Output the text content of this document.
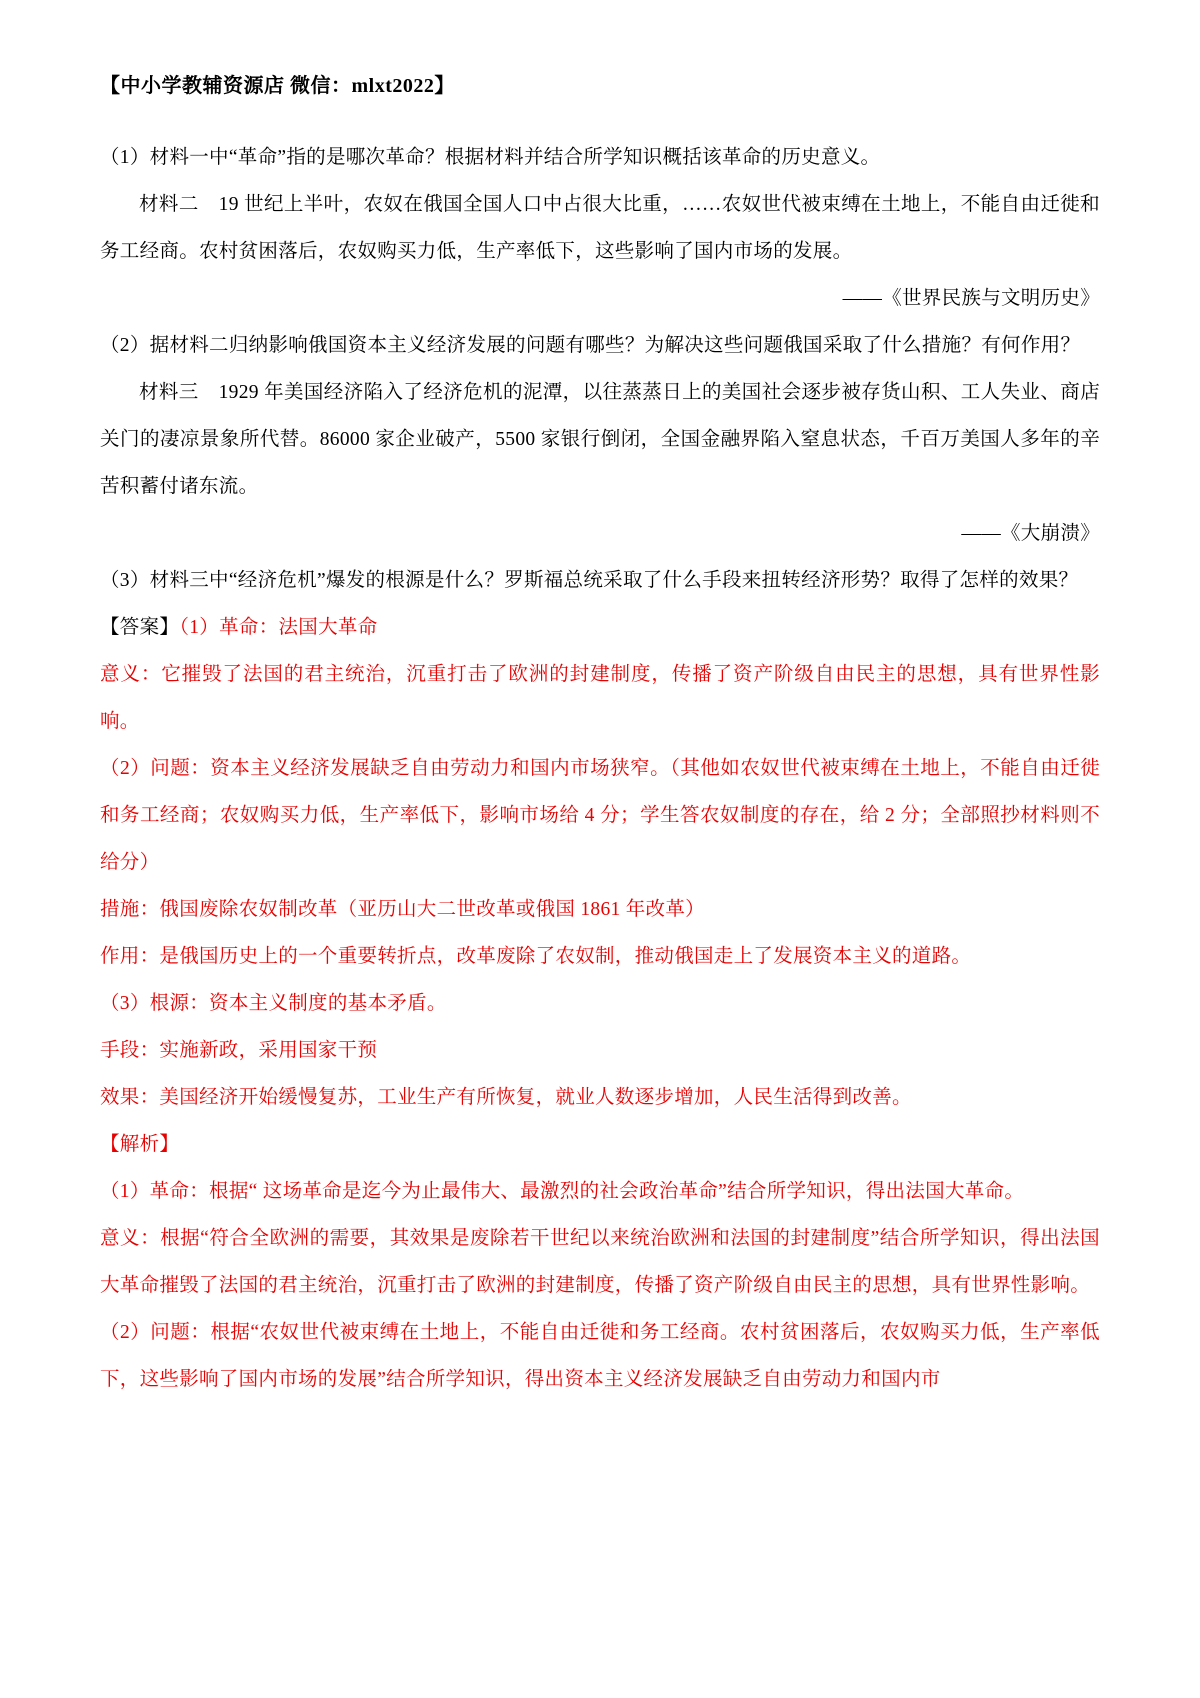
【中小学教辅资源店 微信：mlxt2022】

（1）材料一中“革命”指的是哪次革命？根据材料并结合所学知识概括该革命的历史意义。

材料二　19 世纪上半叶，农奴在俄国全国人口中占很大比重，……农奴世代被束缚在土地上，不能自由迁徙和务工经商。农村贫困落后，农奴购买力低，生产率低下，这些影响了国内市场的发展。

——《世界民族与文明历史》

（2）据材料二归纳影响俄国资本主义经济发展的问题有哪些？为解决这些问题俄国采取了什么措施？有何作用？

材料三　1929 年美国经济陷入了经济危机的泥潭，以往蒸蒸日上的美国社会逐步被存货山积、工人失业、商店关门的凄凉景象所代替。86000 家企业破产，5500 家银行倒闭，全国金融界陷入窒息状态，千百万美国人多年的辛苦积蓄付诸东流。

——《大崩溃》

（3）材料三中“经济危机”爆发的根源是什么？罗斯福总统采取了什么手段来扭转经济形势？取得了怎样的效果？

【答案】（1）革命：法国大革命

意义：它摧毁了法国的君主统治，沉重打击了欧洲的封建制度，传播了资产阶级自由民主的思想，具有世界性影响。

（2）问题：资本主义经济发展缺乏自由劳动力和国内市场狭窄。（其他如农奴世代被束缚在土地上，不能自由迁徙和务工经商；农奴购买力低，生产率低下，影响市场给 4 分；学生答农奴制度的存在，给 2 分；全部照抄材料则不给分）

措施：俄国废除农奴制改革（亚历山大二世改革或俄国 1861 年改革）

作用：是俄国历史上的一个重要转折点，改革废除了农奴制，推动俄国走上了发展资本主义的道路。

（3）根源：资本主义制度的基本矛盾。

手段：实施新政，采用国家干预

效果：美国经济开始缓慢复苏，工业生产有所恢复，就业人数逐步增加，人民生活得到改善。

【解析】

（1）革命：根据“ 这场革命是迄今为止最伟大、最激烈的社会政治革命”结合所学知识，得出法国大革命。

意义：根据“符合全欧洲的需要，其效果是废除若干世纪以来统治欧洲和法国的封建制度”结合所学知识，得出法国大革命摧毁了法国的君主统治，沉重打击了欧洲的封建制度，传播了资产阶级自由民主的思想，具有世界性影响。

（2）问题：根据“农奴世代被束缚在土地上，不能自由迁徙和务工经商。农村贫困落后，农奴购买力低，生产率低下，这些影响了国内市场的发展”结合所学知识，得出资本主义经济发展缺乏自由劳动力和国内市
